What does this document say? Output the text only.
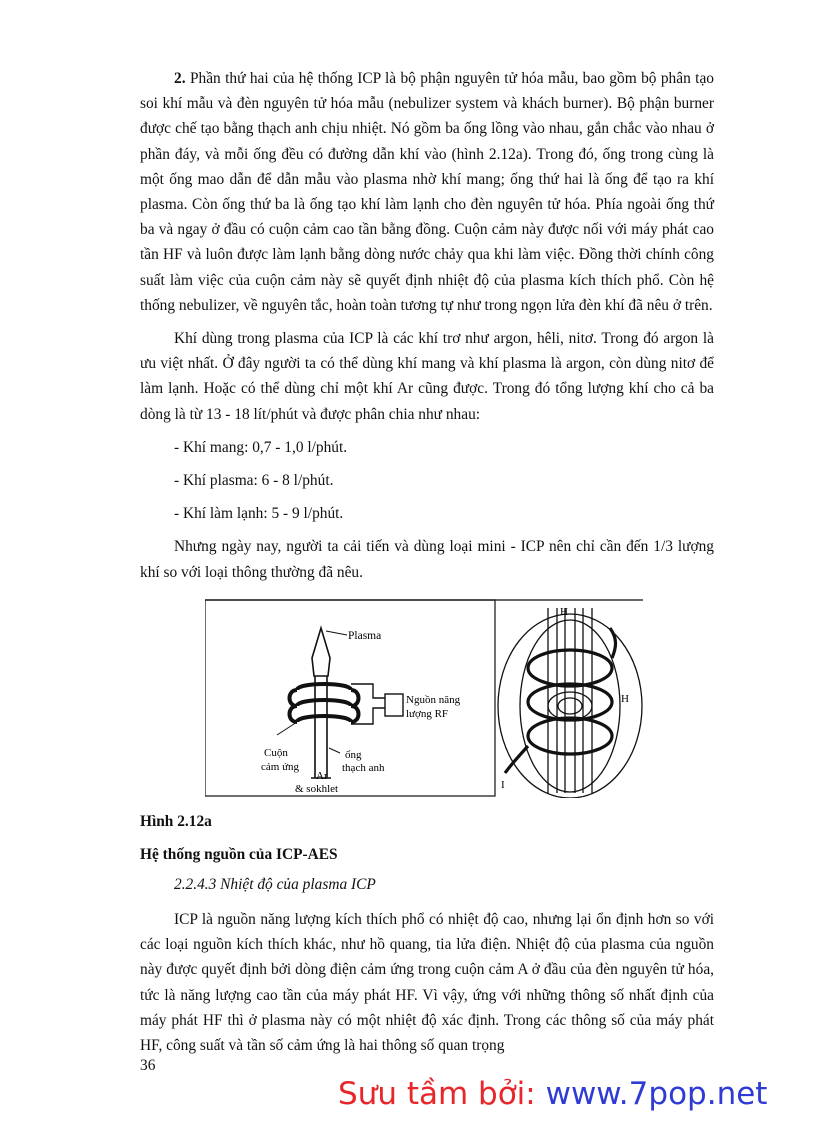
2. Phần thứ hai của hệ thống ICP là bộ phận nguyên tử hóa mẫu, bao gồm bộ phân tạo soi khí mẫu và đèn nguyên tử hóa mẫu (nebulizer system và khách burner). Bộ phận burner được chế tạo bằng thạch anh chịu nhiệt. Nó gồm ba ống lồng vào nhau, gắn chắc vào nhau ở phần đáy, và mỗi ống đều có đường dẫn khí vào (hình 2.12a). Trong đó, ống trong cùng là một ống mao dẫn để dẫn mẫu vào plasma nhờ khí mang; ống thứ hai là ống để tạo ra khí plasma. Còn ống thứ ba là ống tạo khí làm lạnh cho đèn nguyên tử hóa. Phía ngoài ống thứ ba và ngay ở đầu có cuộn cảm cao tần bằng đồng. Cuộn cảm này được nối với máy phát cao tần HF và luôn được làm lạnh bằng dòng nước chảy qua khi làm việc. Đồng thời chính công suất làm việc của cuộn cảm này sẽ quyết định nhiệt độ của plasma kích thích phổ. Còn hệ thống nebulizer, về nguyên tắc, hoàn toàn tương tự như trong ngọn lửa đèn khí đã nêu ở trên.

Khí dùng trong plasma của ICP là các khí trơ như argon, hêli, nitơ. Trong đó argon là ưu việt nhất. Ở đây người ta có thể dùng khí mang và khí plasma là argon, còn dùng nitơ để làm lạnh. Hoặc có thể dùng chỉ một khí Ar cũng được. Trong đó tổng lượng khí cho cả ba dòng là từ 13 - 18 lít/phút và được phân chia như nhau:

- Khí mang: 0,7 - 1,0 l/phút.

- Khí plasma: 6 - 8 l/phút.

- Khí làm lạnh: 5 - 9 l/phút.

Nhưng ngày nay, người ta cải tiến và dùng loại mini - ICP nên chỉ cần đến 1/3 lượng khí so với loại thông thường đã nêu.

Plasma
Nguồn năng
lượng RF
Cuộn
cảm ứng
ống
thạch anh
Ar
& sokhlet
H
H
I
Hình 2.12a
Hệ thống nguồn của ICP-AES
2.2.4.3 Nhiệt độ của plasma ICP

ICP là nguồn năng lượng kích thích phổ có nhiệt độ cao, nhưng lại ổn định hơn so với các loại nguồn kích thích khác, như hồ quang, tia lửa điện. Nhiệt độ của plasma của nguồn này được quyết định bởi dòng điện cảm ứng trong cuộn cảm A ở đầu của đèn nguyên tử hóa, tức là năng lượng cao tần của máy phát HF. Vì vậy, ứng với những thông số nhất định của máy phát HF thì ở plasma này có một nhiệt độ xác định. Trong các thông số của máy phát HF, công suất và tần số cảm ứng là hai thông số quan trọng

36
Sưu tầm bởi: www.7pop.net
